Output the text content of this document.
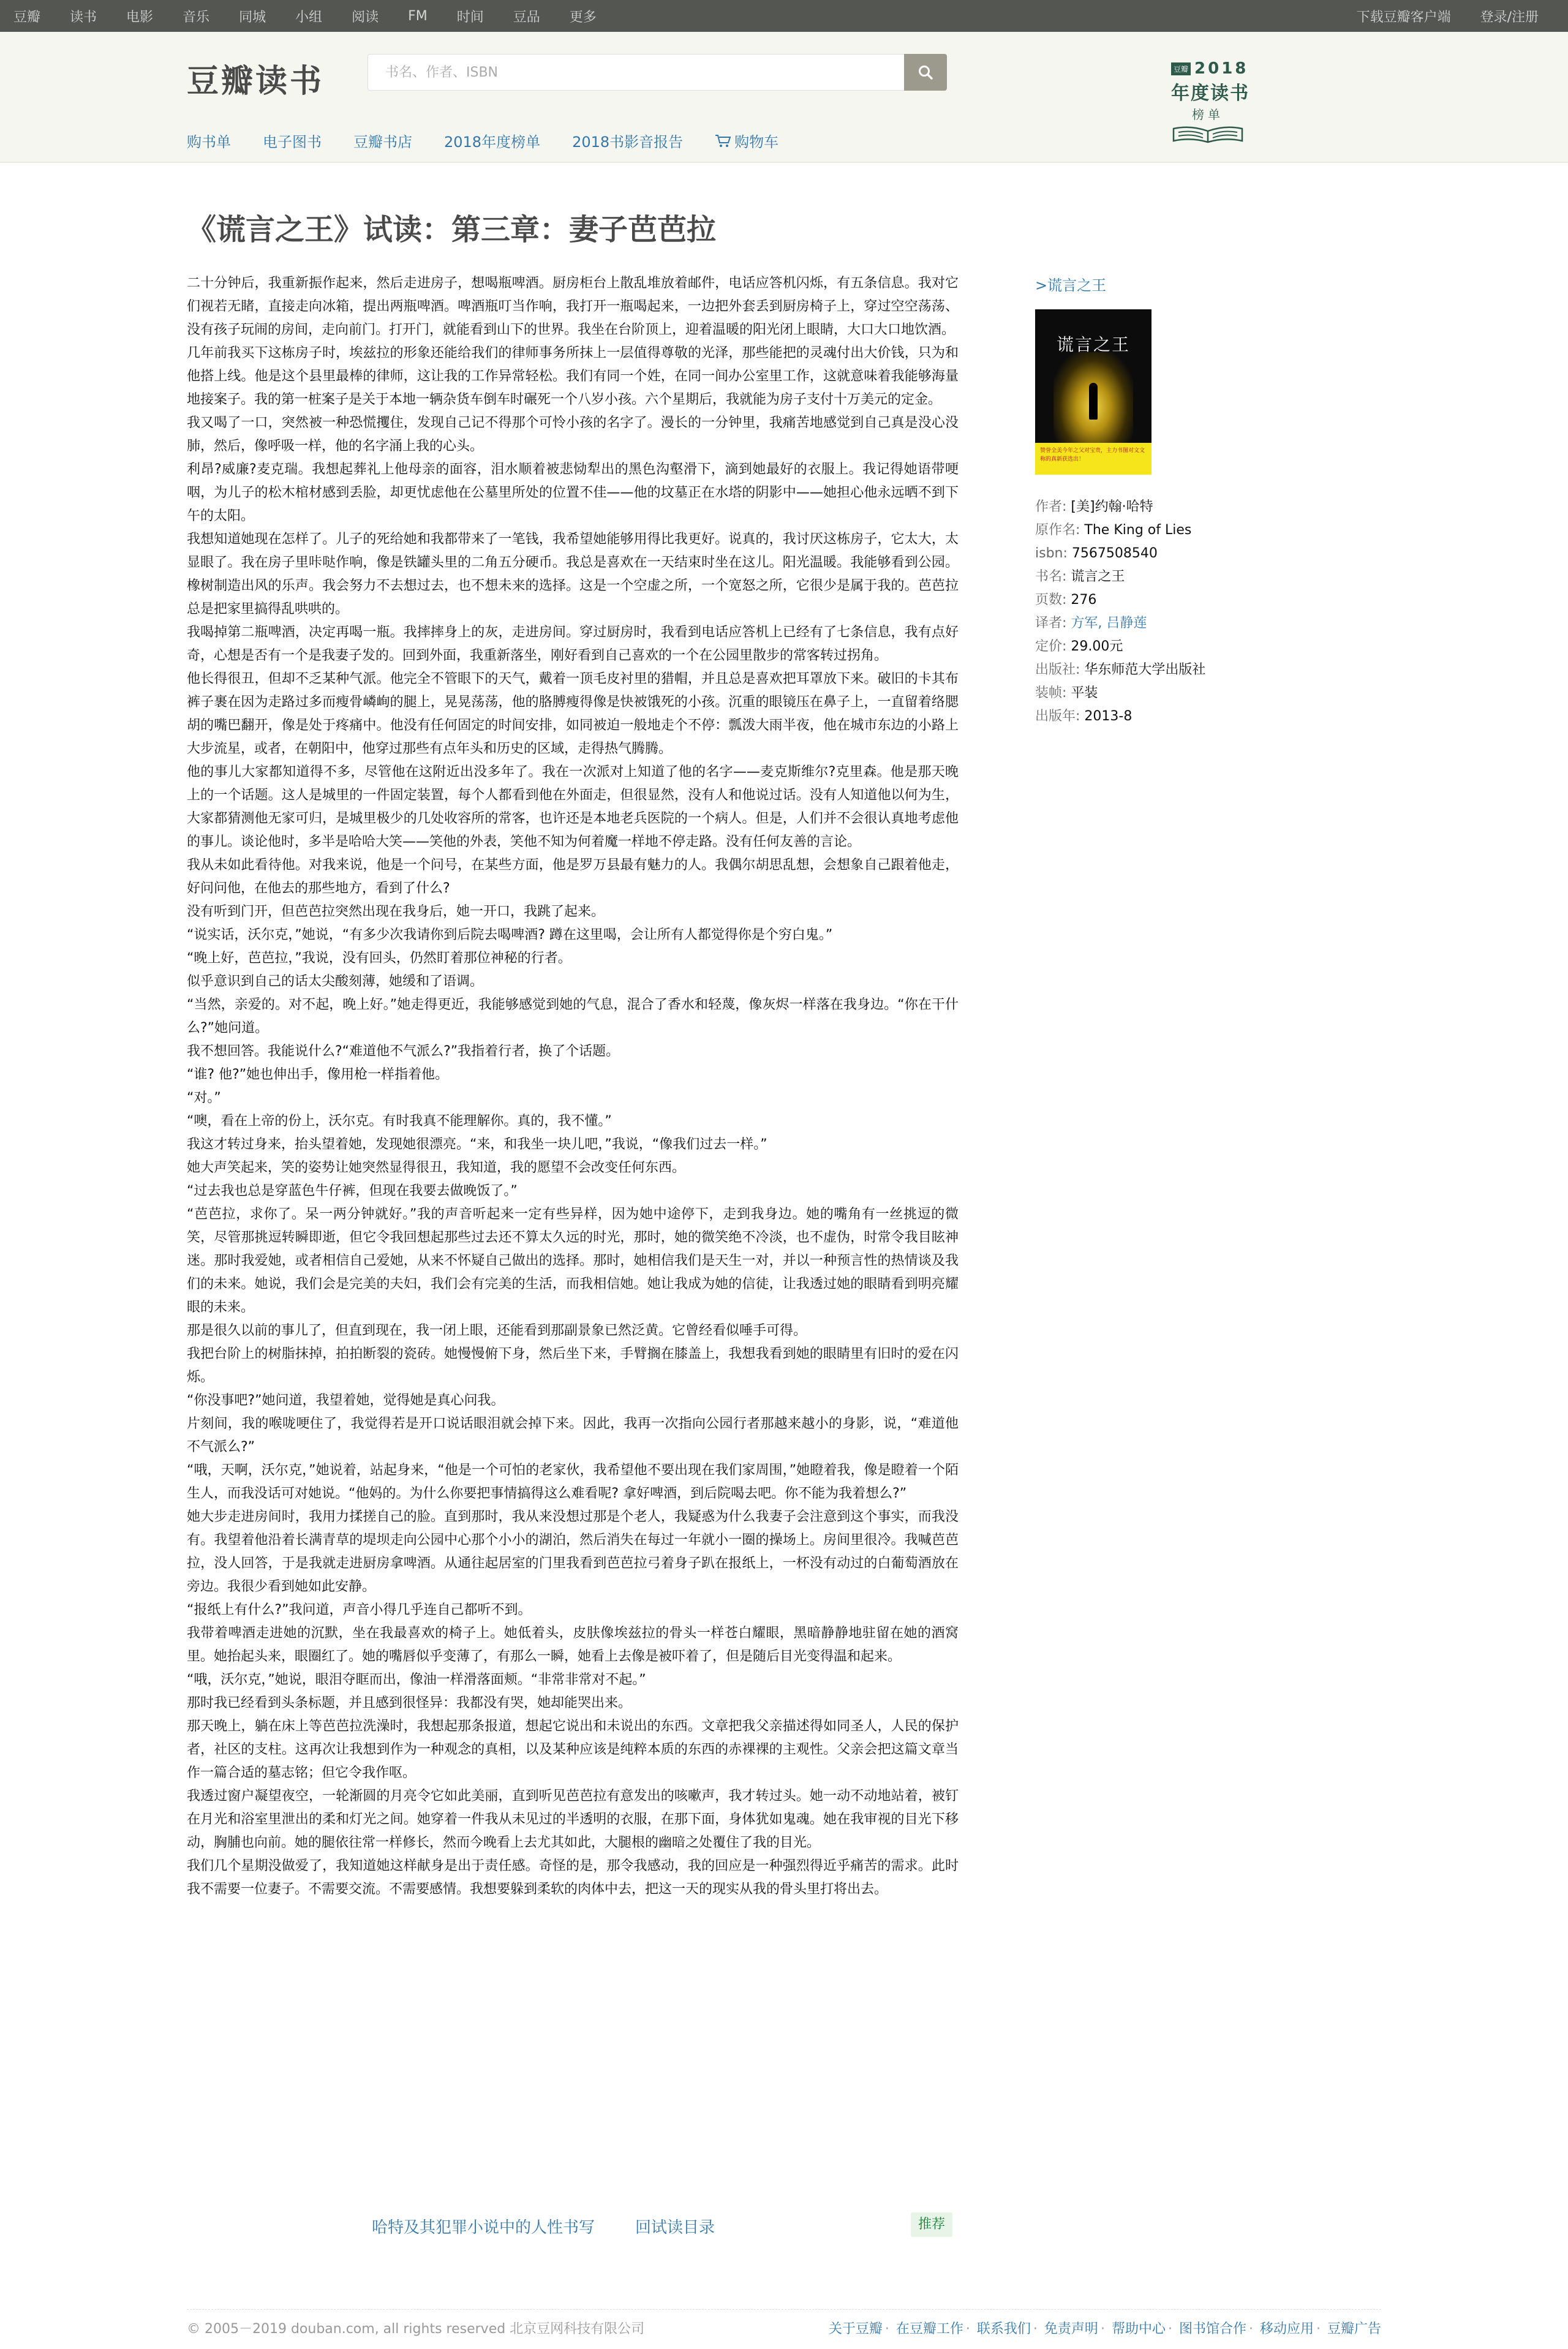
豆瓣 读书 电影 音乐 同城 小组 阅读 FM 时间 豆品 更多	下载豆瓣客户端 登录/注册
豆瓣读书
书名、作者、ISBN
购书单 电子图书 豆瓣书店 2018年度榜单 2018书影音报告	购物车
豆瓣 2018
年度读书
榜单
《谎言之王》试读：第三章：妻子芭芭拉

二十分钟后，我重新振作起来，然后走进房子，想喝瓶啤酒。厨房柜台上散乱堆放着邮件，电话应答机闪烁，有五条信息。我对它们视若无睹，直接走向冰箱，提出两瓶啤酒。啤酒瓶叮当作响，我打开一瓶喝起来，一边把外套丢到厨房椅子上，穿过空空荡荡、没有孩子玩闹的房间，走向前门。打开门，就能看到山下的世界。我坐在台阶顶上，迎着温暖的阳光闭上眼睛，大口大口地饮酒。

几年前我买下这栋房子时，埃兹拉的形象还能给我们的律师事务所抹上一层值得尊敬的光泽，那些能把的灵魂付出大价钱，只为和他搭上线。他是这个县里最棒的律师，这让我的工作异常轻松。我们有同一个姓，在同一间办公室里工作，这就意味着我能够海量地接案子。我的第一桩案子是关于本地一辆杂货车倒车时碾死一个八岁小孩。六个星期后，我就能为房子支付十万美元的定金。

我又喝了一口，突然被一种恐慌攫住，发现自己记不得那个可怜小孩的名字了。漫长的一分钟里，我痛苦地感觉到自己真是没心没肺，然后，像呼吸一样，他的名字涌上我的心头。

利昂?威廉?麦克瑞。我想起葬礼上他母亲的面容，泪水顺着被悲恸犁出的黑色沟壑滑下，滴到她最好的衣服上。我记得她语带哽咽，为儿子的松木棺材感到丢脸，却更忧虑他在公墓里所处的位置不佳——他的坟墓正在水塔的阴影中——她担心他永远晒不到下午的太阳。

我想知道她现在怎样了。儿子的死给她和我都带来了一笔钱，我希望她能够用得比我更好。说真的，我讨厌这栋房子，它太大，太显眼了。我在房子里咔哒作响，像是铁罐头里的二角五分硬币。我总是喜欢在一天结束时坐在这儿。阳光温暖。我能够看到公园。橡树制造出风的乐声。我会努力不去想过去，也不想未来的选择。这是一个空虚之所，一个宽怒之所，它很少是属于我的。芭芭拉总是把家里搞得乱哄哄的。

我喝掉第二瓶啤酒，决定再喝一瓶。我摔摔身上的灰，走进房间。穿过厨房时，我看到电话应答机上已经有了七条信息，我有点好奇，心想是否有一个是我妻子发的。回到外面，我重新落坐，刚好看到自己喜欢的一个在公园里散步的常客转过拐角。

他长得很丑，但却不乏某种气派。他完全不管眼下的天气，戴着一顶毛皮衬里的猎帽，并且总是喜欢把耳罩放下来。破旧的卡其布裤子裹在因为走路过多而瘦骨嶙峋的腿上，晃晃荡荡，他的胳膊瘦得像是快被饿死的小孩。沉重的眼镜压在鼻子上，一直留着络腮胡的嘴巴翻开，像是处于疼痛中。他没有任何固定的时间安排，如同被迫一般地走个不停：瓢泼大雨半夜，他在城市东边的小路上大步流星，或者，在朝阳中，他穿过那些有点年头和历史的区域，走得热气腾腾。

他的事儿大家都知道得不多，尽管他在这附近出没多年了。我在一次派对上知道了他的名字——麦克斯维尔?克里森。他是那天晚上的一个话题。这人是城里的一件固定装置，每个人都看到他在外面走，但很显然，没有人和他说过话。没有人知道他以何为生，大家都猜测他无家可归，是城里极少的几处收容所的常客，也许还是本地老兵医院的一个病人。但是，人们并不会很认真地考虑他的事儿。谈论他时，多半是哈哈大笑——笑他的外表，笑他不知为何着魔一样地不停走路。没有任何友善的言论。

我从未如此看待他。对我来说，他是一个问号，在某些方面，他是罗万县最有魅力的人。我偶尔胡思乱想，会想象自己跟着他走，好问问他，在他去的那些地方，看到了什么?

没有听到门开，但芭芭拉突然出现在我身后，她一开口，我跳了起来。

“说实话，沃尔克，”她说，“有多少次我请你到后院去喝啤酒? 蹲在这里喝，会让所有人都觉得你是个穷白鬼。”

“晚上好，芭芭拉，”我说，没有回头，仍然盯着那位神秘的行者。

似乎意识到自己的话太尖酸刻薄，她缓和了语调。

“当然，亲爱的。对不起，晚上好。”她走得更近，我能够感觉到她的气息，混合了香水和轻蔑，像灰烬一样落在我身边。“你在干什么?”她问道。

我不想回答。我能说什么?“难道他不气派么?”我指着行者，换了个话题。

“谁? 他?”她也伸出手，像用枪一样指着他。

“对。”

“噢，看在上帝的份上，沃尔克。有时我真不能理解你。真的，我不懂。”

我这才转过身来，抬头望着她，发现她很漂亮。“来，和我坐一块儿吧，”我说，“像我们过去一样。”

她大声笑起来，笑的姿势让她突然显得很丑，我知道，我的愿望不会改变任何东西。

“过去我也总是穿蓝色牛仔裤，但现在我要去做晚饭了。”

“芭芭拉，求你了。呆一两分钟就好。”我的声音听起来一定有些异样，因为她中途停下，走到我身边。她的嘴角有一丝挑逗的微笑，尽管那挑逗转瞬即逝，但它令我回想起那些过去还不算太久远的时光，那时，她的微笑绝不冷淡，也不虚伪，时常令我目眩神迷。那时我爱她，或者相信自己爱她，从来不怀疑自己做出的选择。那时，她相信我们是天生一对，并以一种预言性的热情谈及我们的未来。她说，我们会是完美的夫妇，我们会有完美的生活，而我相信她。她让我成为她的信徒，让我透过她的眼睛看到明亮耀眼的未来。

那是很久以前的事儿了，但直到现在，我一闭上眼，还能看到那副景象已然泛黄。它曾经看似唾手可得。

我把台阶上的树脂抹掉，拍拍断裂的瓷砖。她慢慢俯下身，然后坐下来，手臂搁在膝盖上，我想我看到她的眼睛里有旧时的爱在闪烁。

“你没事吧?”她问道，我望着她，觉得她是真心问我。

片刻间，我的喉咙哽住了，我觉得若是开口说话眼泪就会掉下来。因此，我再一次指向公园行者那越来越小的身影，说，“难道他不气派么?”

“哦，天啊，沃尔克，”她说着，站起身来，“他是一个可怕的老家伙，我希望他不要出现在我们家周围，”她瞪着我，像是瞪着一个陌生人，而我没话可对她说。“他妈的。为什么你要把事情搞得这么难看呢? 拿好啤酒，到后院喝去吧。你不能为我着想么?”

她大步走进房间时，我用力揉搓自己的脸。直到那时，我从来没想过那是个老人，我疑惑为什么我妻子会注意到这个事实，而我没有。我望着他沿着长满青草的堤坝走向公园中心那个小小的湖泊，然后消失在每过一年就小一圈的操场上。房间里很冷。我喊芭芭拉，没人回答，于是我就走进厨房拿啤酒。从通往起居室的门里我看到芭芭拉弓着身子趴在报纸上，一杯没有动过的白葡萄酒放在旁边。我很少看到她如此安静。

“报纸上有什么?”我问道，声音小得几乎连自己都听不到。

我带着啤酒走进她的沉默，坐在我最喜欢的椅子上。她低着头，皮肤像埃兹拉的骨头一样苍白耀眼，黑暗静静地驻留在她的酒窝里。她抬起头来，眼圈红了。她的嘴唇似乎变薄了，有那么一瞬，她看上去像是被吓着了，但是随后目光变得温和起来。

“哦，沃尔克，”她说，眼泪夺眶而出，像油一样滑落面颊。“非常非常对不起。”

那时我已经看到头条标题，并且感到很怪异：我都没有哭，她却能哭出来。

那天晚上，躺在床上等芭芭拉洗澡时，我想起那条报道，想起它说出和未说出的东西。文章把我父亲描述得如同圣人，人民的保护者，社区的支柱。这再次让我想到作为一种观念的真相，以及某种应该是纯粹本质的东西的赤裸裸的主观性。父亲会把这篇文章当作一篇合适的墓志铭；但它令我作呕。

我透过窗户凝望夜空，一轮渐圆的月亮令它如此美丽，直到听见芭芭拉有意发出的咳嗽声，我才转过头。她一动不动地站着，被钉在月光和浴室里泄出的柔和灯光之间。她穿着一件我从未见过的半透明的衣服，在那下面，身体犹如鬼魂。她在我审视的目光下移动，胸脯也向前。她的腿依往常一样修长，然而今晚看上去尤其如此，大腿根的幽暗之处覆住了我的目光。

我们几个星期没做爱了，我知道她这样献身是出于责任感。奇怪的是，那令我感动，我的回应是一种强烈得近乎痛苦的需求。此时我不需要一位妻子。不需要交流。不需要感情。我想要躲到柔软的肉体中去，把这一天的现实从我的骨头里打将出去。

>谎言之王
谎言之王
赞誉全美今年之父对宝贵，主力书图对文文称的真新获选出！
作者: [美]约翰·哈特
原作名: The King of Lies
isbn: 7567508540
书名: 谎言之王
页数: 276
译者: 方军, 吕静莲
定价: 29.00元
出版社: 华东师范大学出版社
装帧: 平装
出版年: 2013-8
哈特及其犯罪小说中的人性书写	回试读目录	推荐
© 2005－2019 douban.com, all rights reserved 北京豆网科技有限公司	关于豆瓣 · 在豆瓣工作 · 联系我们 · 免责声明 · 帮助中心 · 图书馆合作 · 移动应用 · 豆瓣广告
